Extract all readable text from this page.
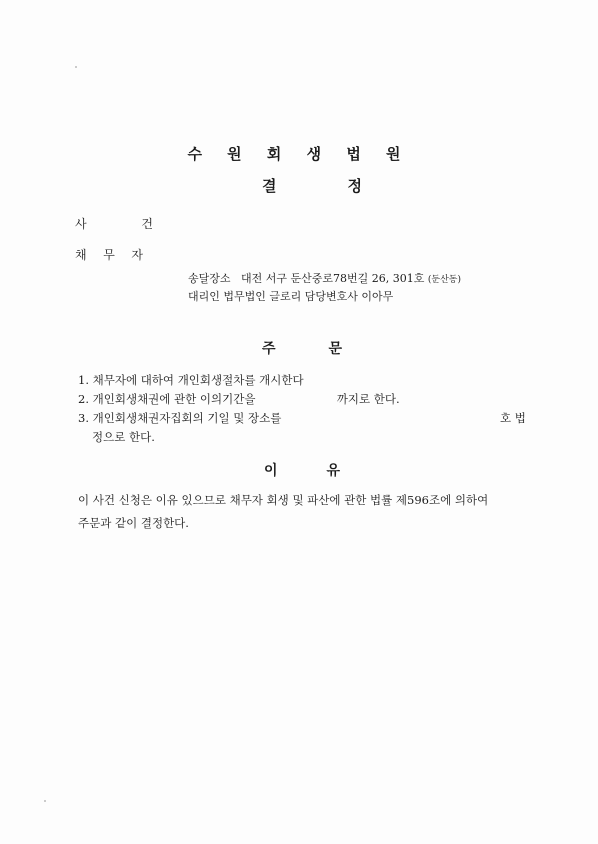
수 원 회 생 법 원
결	정
사	건
채 무 자
송달장소 대전 서구 둔산중로78번길 26, 301호 (둔산동)
대리인 법무법인 글로리 담당변호사 이아무
주	문
1. 채무자에 대하여 개인회생절차를 개시한다
2. 개인회생채권에 관한 이의기간을	까지로 한다.
3. 개인회생채권자집회의 기일 및 장소를	호 법
정으로 한다.
이	유
이 사건 신청은 이유 있으므로 채무자 회생 및 파산에 관한 법률 제596조에 의하여
주문과 같이 결정한다.
